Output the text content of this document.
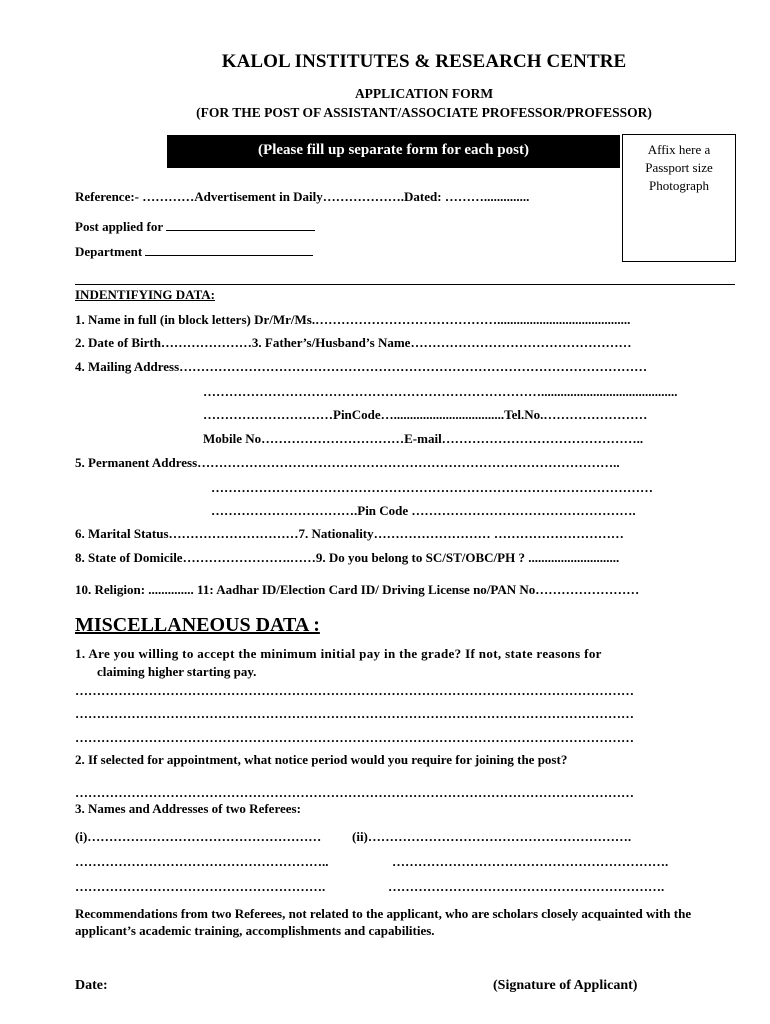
KALOL INSTITUTES & RESEARCH CENTRE
APPLICATION FORM
(FOR THE POST OF ASSISTANT/ASSOCIATE PROFESSOR/PROFESSOR)
(Please fill up separate form for each post)	Affix here a
Passport size
Photograph
Reference:- …………Advertisement in Daily……………….Dated: ………..............
Post applied for
Department
INDENTIFYING DATA:
1. Name in full (in block letters) Dr/Mr/Ms.…………………………………….........................................
2. Date of Birth…………………3. Father’s/Husband’s Name……………………………………………
4. Mailing Address………………………………………………………………………………………………
……………………………………………………………………..........................................
…………………………PinCode…..................................Tel.No.……………………
Mobile No……………………………E-mail………………………………………..
5. Permanent Address……………………………………………………………………………………..
…………………………………………………………………………………………
…………………………….Pin Code …………………………………………….
6. Marital Status…………………………7. Nationality……………………… …………………………
8. State of Domicile…………………….……9. Do you belong to SC/ST/OBC/PH ? ............................
10. Religion: .............. 11: Aadhar ID/Election Card ID/ Driving License no/PAN No……………………
MISCELLANEOUS DATA :
1. Are you willing to accept the minimum initial pay in the grade? If not, state reasons for
claiming higher starting pay.
…………………………………………………………………………………………………………………
…………………………………………………………………………………………………………………
…………………………………………………………………………………………………………………
2. If selected for appointment, what notice period would you require for joining the post?
…………………………………………………………………………………………………………………
3. Names and Addresses of two Referees:
(i)……………………………………………… (ii)…………………………………………………….
…………………………………………………..	……………………………………………………….
………………………………………………….	……………………………………………………….
Recommendations from two Referees, not related to the applicant, who are scholars closely acquainted with the applicant’s academic training, accomplishments and capabilities.
Date:	(Signature of Applicant)
